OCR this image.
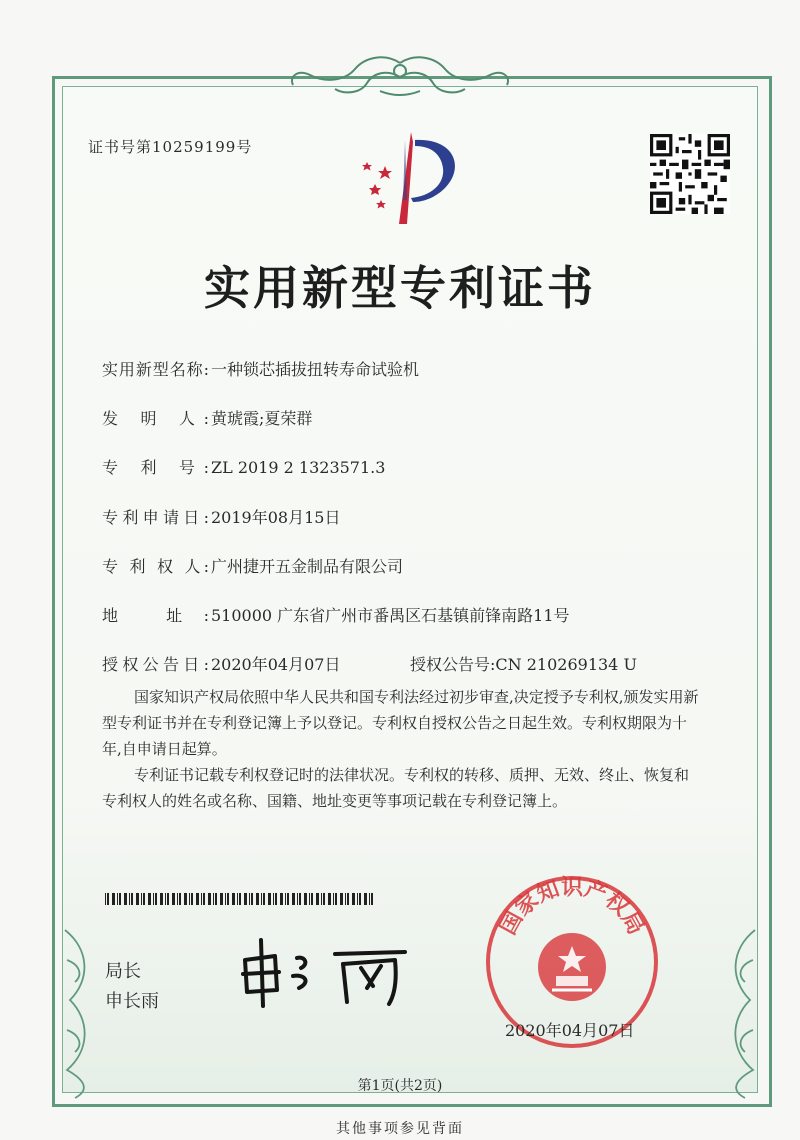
证书号第10259199号
实用新型专利证书
实用新型名称: 一种锁芯插拔扭转寿命试验机
发 明 人: 黄琥霞;夏荣群
专 利 号: ZL 2019 2 1323571.3
专利申请日: 2019年08月15日
专 利 权 人: 广州捷开五金制品有限公司
地 址: 510000 广东省广州市番禺区石基镇前锋南路11号
授权公告日: 2020年04月07日	授权公告号:CN 210269134 U

国家知识产权局依照中华人民共和国专利法经过初步审查,决定授予专利权,颁发实用新型专利证书并在专利登记簿上予以登记。专利权自授权公告之日起生效。专利权期限为十年,自申请日起算。

专利证书记载专利权登记时的法律状况。专利权的转移、质押、无效、终止、恢复和专利权人的姓名或名称、国籍、地址变更等事项记载在专利登记簿上。

局长
申长雨
国家知识产权局
2020年04月07日
第1页(共2页)
其他事项参见背面
